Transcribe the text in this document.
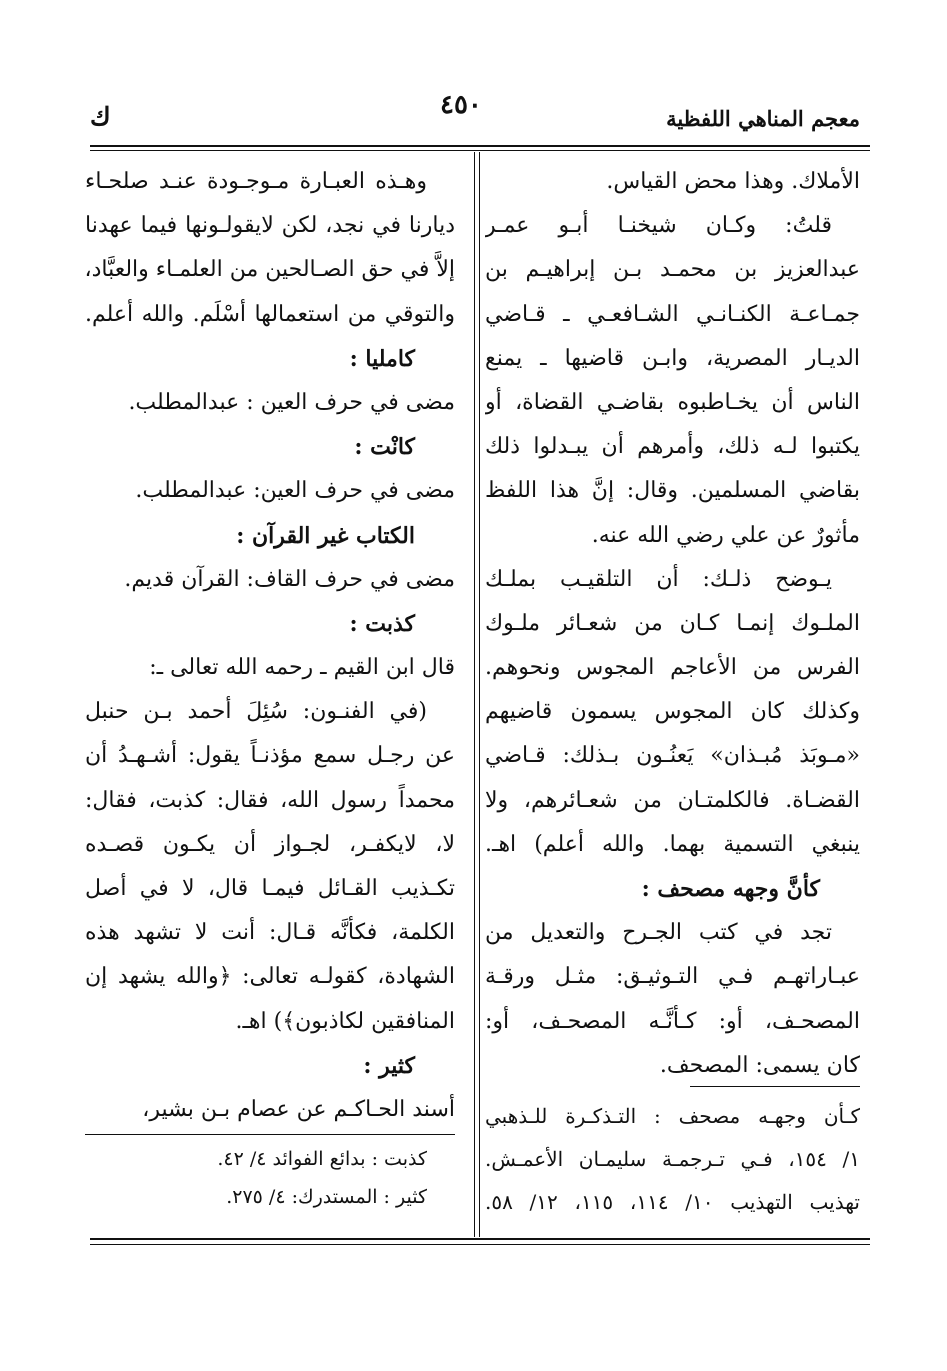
معجم المناهي اللفظية
٤٥٠
ك
الأملاك. وهذا محض القياس.
قلتُ: وكـان شيخنـا أبـو عمـر
عبدالعزيز بن محمـد بـن إبراهيـم بن
جمـاعـة الكنـانـي الشـافعـي ـ قـاضي
الديـار المصرية، وابـن قاضيها ـ يمنع
الناس أن يخـاطبوه بقاضـي القضاة، أو
يكتبوا لـه ذلك، وأمرهم أن يبـدلوا ذلك
بقاضي المسلمين. وقال: إنَّ هذا اللفظ
مأثورٌ عن علي رضي الله عنه.
يـوضح ذلـك: أن التلقيـب بملـك
الملـوك إنمـا كـان من شعـائر ملـوك
الفرس من الأعاجم المجوس ونحوهم.
وكذلك كان المجوس يسمون قاضيهم
«مـوبَذ مُبـذان» يَعنُـون بـذلك: قـاضي
القضـاة. فالكلمتـان من شعـائرهم، ولا
ينبغي التسمية بهما. والله أعلم) اهـ.
كأنَّ وجهه مصحف :
تجد في كتب الجـرح والتعديل من
عبـاراتهـم فـي التـوثيـق: مثـل ورقـة
المصحـف، أو: كـأنَّـه المصحـف، أو:
كان يسمى: المصحف.
كـأن وجهـه مصحف : التـذكـرة للـذهبي
١/ ١٥٤، فـي تـرجمـة سليمـان الأعمـش.
تهذيب التهذيب ١٠/ ١١٤، ١١٥، ١٢/ ٥٨.
وهـذه العبـارة مـوجـودة عنـد صلحـاء
ديارنا في نجد، لكن لايقولـونها فيما عهدنا
إلاَّ في حق الصـالحين من العلمـاء والعبَّاد،
والتوقي من استعمالها أسْلَم. والله أعلم.
كامليا :
مضى في حرف العين : عبدالمطلب.
كانْت :
مضى في حرف العين: عبدالمطلب.
الكتاب غير القرآن :
مضى في حرف القاف: القرآن قديم.
كذبت :
قال ابن القيم ـ رحمه الله تعالى ـ:
(في الفنـون: سُئِلَ أحمد بـن حنبل
عن رجـل سمع مؤذنـاً يقول: أشـهـدُ أن
محمداً رسول الله، فقال: كذبت، فقال:
لا، لايكفـر، لجـواز أن يكـون قصـده
تكـذيب القـائل فيمـا قال، لا في أصل
الكلمة، فكأنَّه قـال: أنت لا تشهد هذه
الشهادة، كقولـه تعالى: ﴿والله يشهد إن
المنافقين لكاذبون﴾) اهـ.
كثير :
أسند الحـاكـم عن عصام بـن بشير،
كذبت : بدائع الفوائد ٤/ ٤٢.
كثير : المستدرك: ٤/ ٢٧٥.
